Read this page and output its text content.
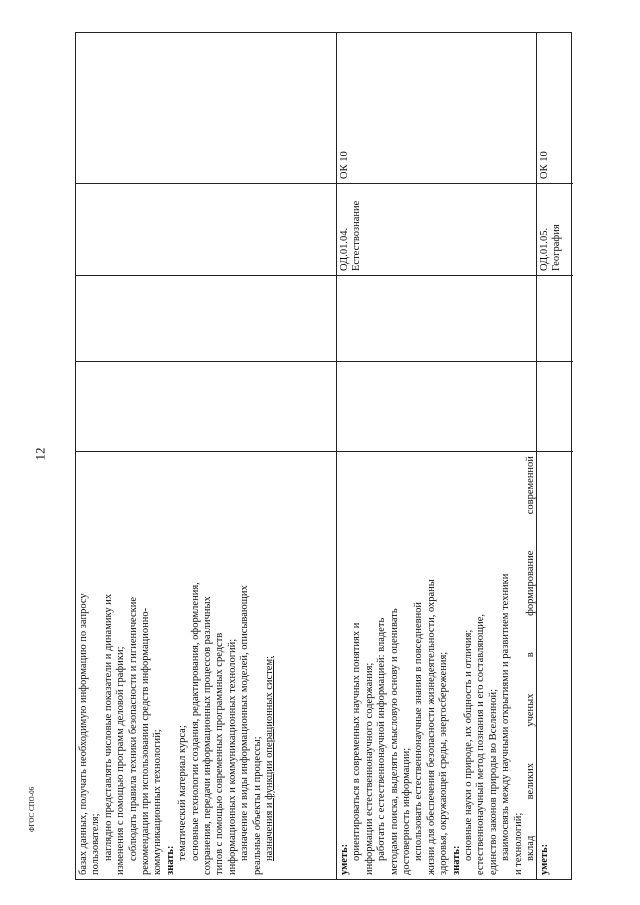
12
ФГОС СПО-06	базах данных, получать необходимую информацию по запросу пользователя; наглядно представлять числовые показатели и динамику их изменения с помощью программ деловой графики; соблюдать правила техники безопасности и гигиенические рекомендации при использовании средств информационно- коммуникационных технологий; знать: тематический материал курса; основные технологии создания, редактирования, оформления, сохранения, передачи информационных процессов различных типов с помощью современных программных средств информационных и коммуникационных технологий; назначение и виды информационных моделей, описывающих реальные объекты и процессы; назначения и функции операционных систем;	уметь: ориентироваться в современных научных понятиях и информации естественнонаучного содержания; работать с естественнонаучной информацией: владеть методами поиска, выделять смысловую основу и оценивать достоверность информации; использовать естественнонаучные знания в повседневной жизни для обеспечения безопасности жизнедеятельности, охраны здоровья, окружающей среды, энергосбережения; знать: основные науки о природе, их общность и отличия; естественнонаучный метод познания и его составляющие, единство законов природы во Вселенной; взаимосвязь между научными открытиями и развитием техники и технологий; вклад
великих
ученых
в
формирование
современной
ОД.01.04. Естествознание
ОК 10
уметь:
ОД.01.05. География
ОК 10
